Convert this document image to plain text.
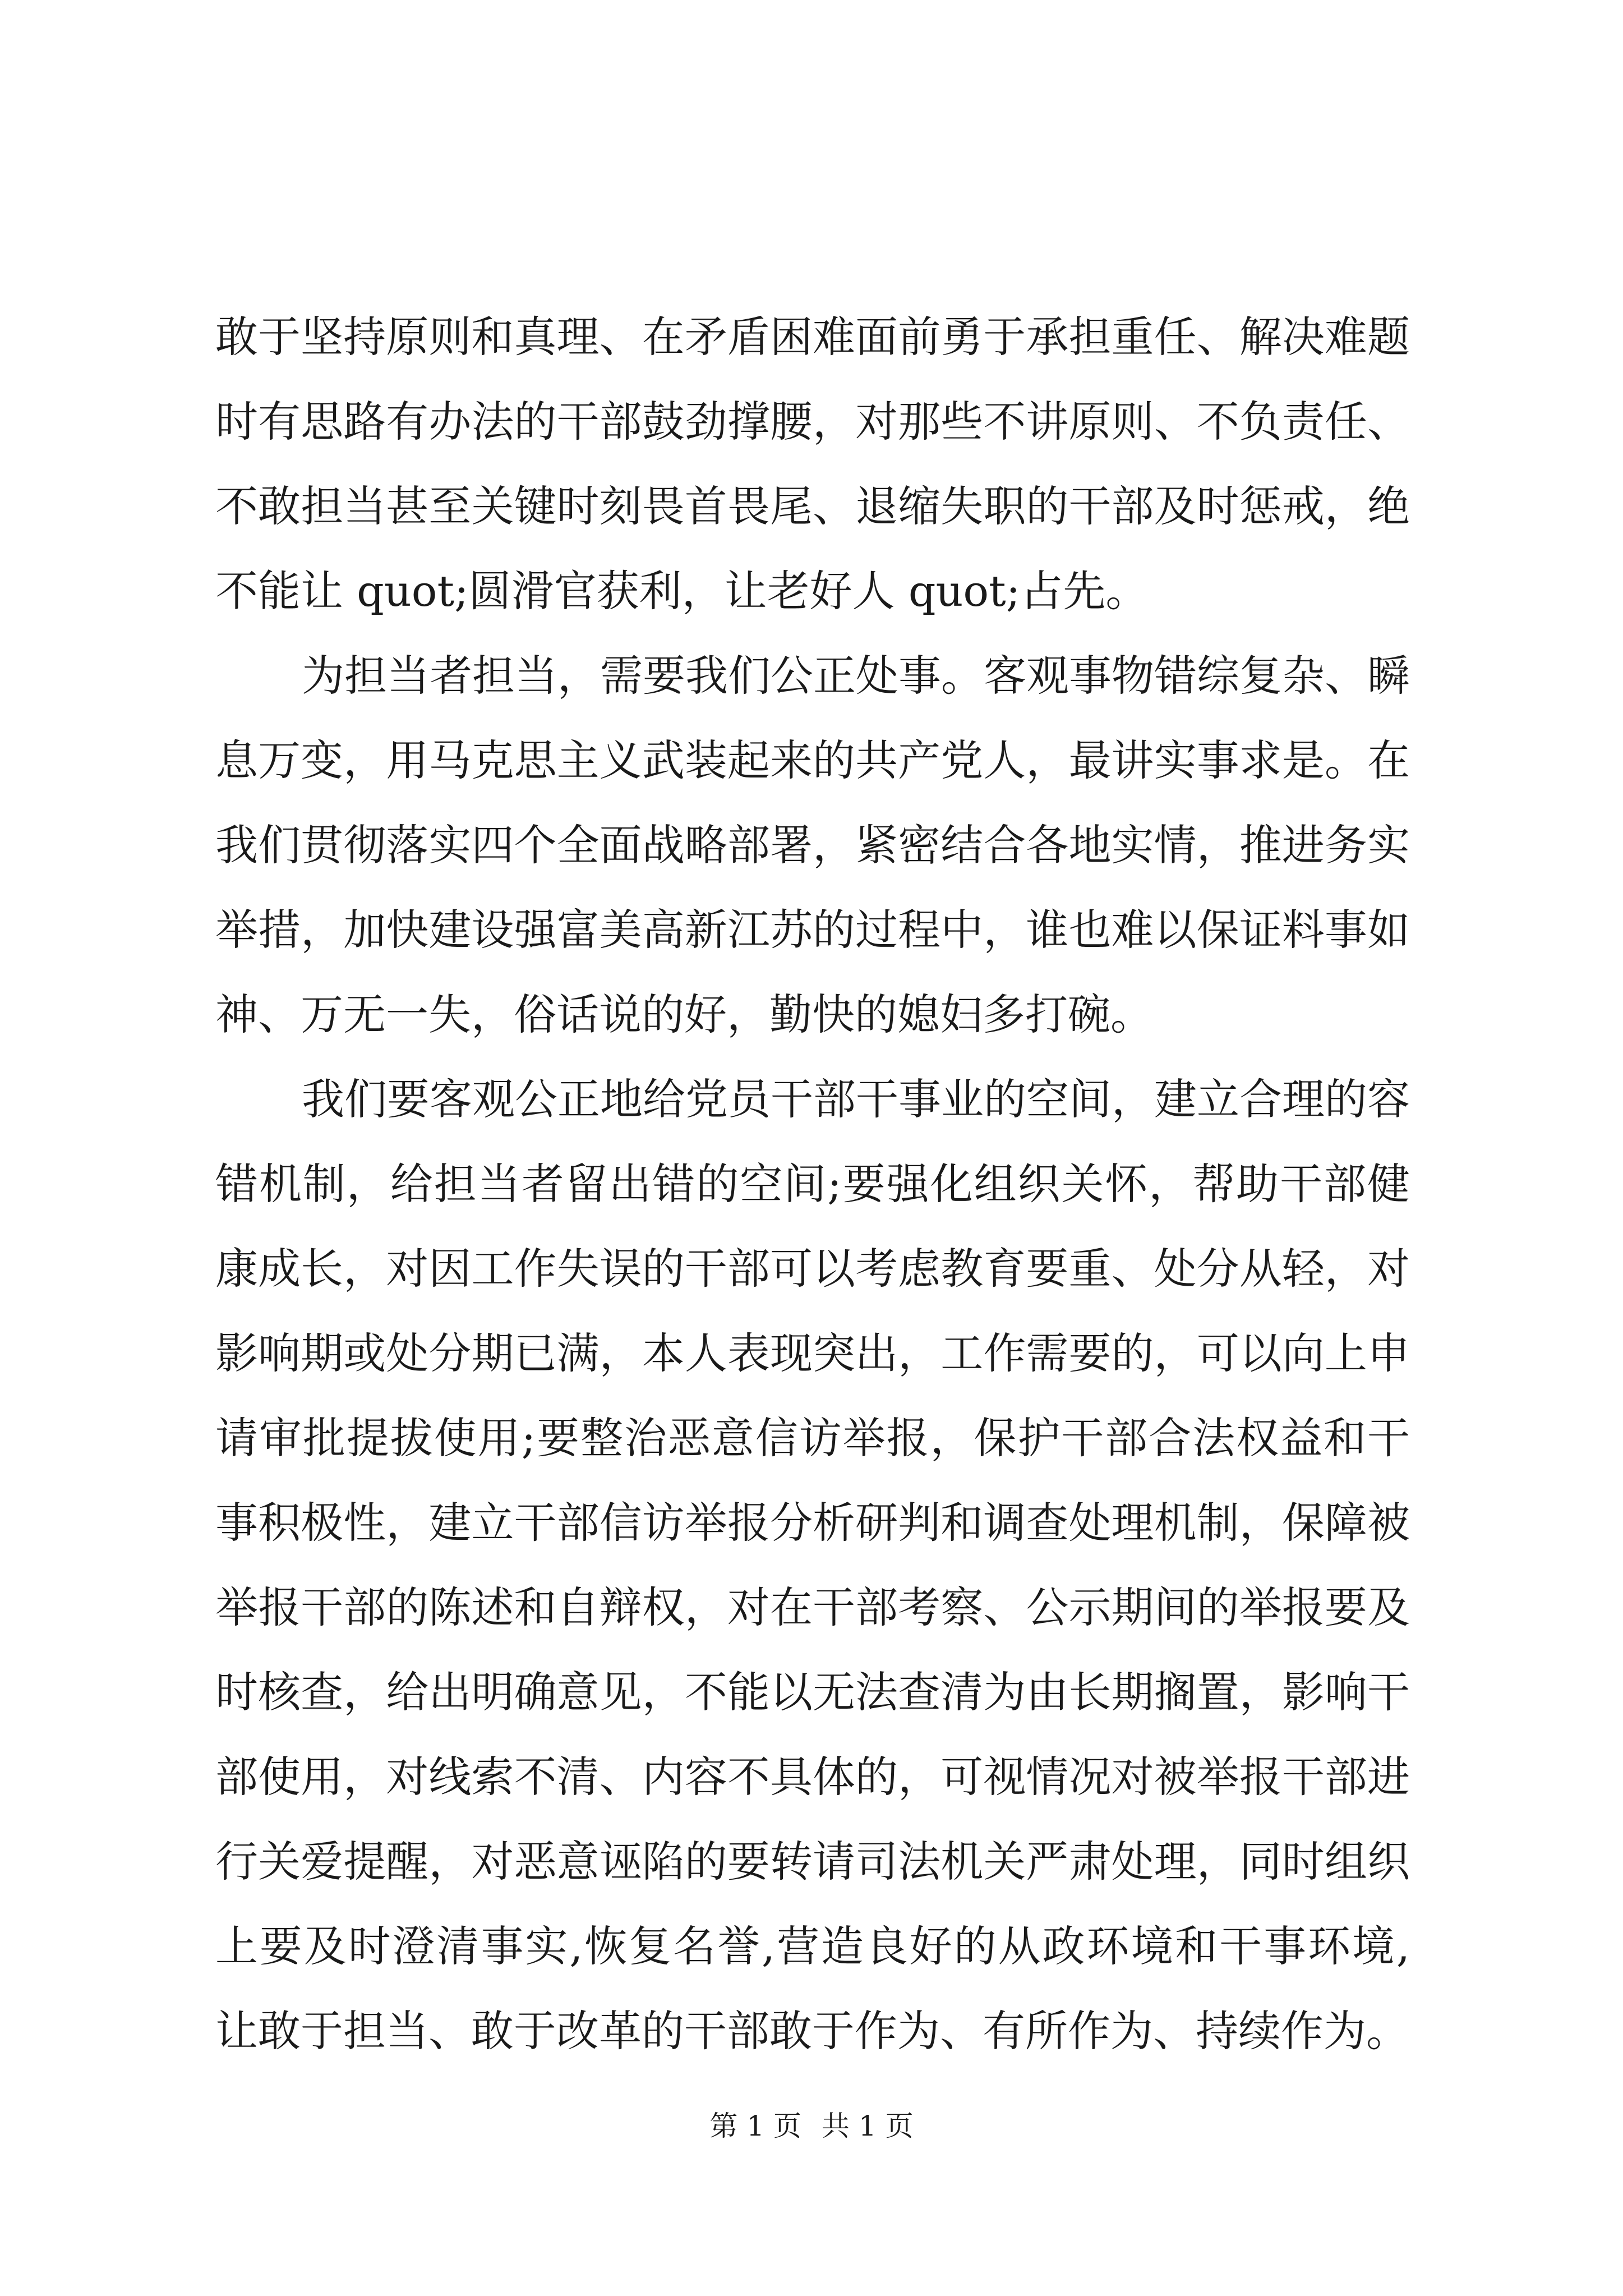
敢于坚持原则和真理、在矛盾困难面前勇于承担重任、解决难题
时有思路有办法的干部鼓劲撑腰，对那些不讲原则、不负责任、
不敢担当甚至关键时刻畏首畏尾、退缩失职的干部及时惩戒，绝
不能让 quot;圆滑官获利，让老好人 quot;占先。
为担当者担当，需要我们公正处事。客观事物错综复杂、瞬
息万变，用马克思主义武装起来的共产党人，最讲实事求是。在
我们贯彻落实四个全面战略部署，紧密结合各地实情，推进务实
举措，加快建设强富美高新江苏的过程中，谁也难以保证料事如
神、万无一失，俗话说的好，勤快的媳妇多打碗。
我们要客观公正地给党员干部干事业的空间，建立合理的容
错机制，给担当者留出错的空间;要强化组织关怀，帮助干部健
康成长，对因工作失误的干部可以考虑教育要重、处分从轻，对
影响期或处分期已满，本人表现突出，工作需要的，可以向上申
请审批提拔使用;要整治恶意信访举报，保护干部合法权益和干
事积极性，建立干部信访举报分析研判和调查处理机制，保障被
举报干部的陈述和自辩权，对在干部考察、公示期间的举报要及
时核查，给出明确意见，不能以无法查清为由长期搁置，影响干
部使用，对线索不清、内容不具体的，可视情况对被举报干部进
行关爱提醒，对恶意诬陷的要转请司法机关严肃处理，同时组织
上要及时澄清事实,恢复名誉,营造良好的从政环境和干事环境,
让敢于担当、敢于改革的干部敢于作为、有所作为、持续作为。
第 1 页 共 1 页
